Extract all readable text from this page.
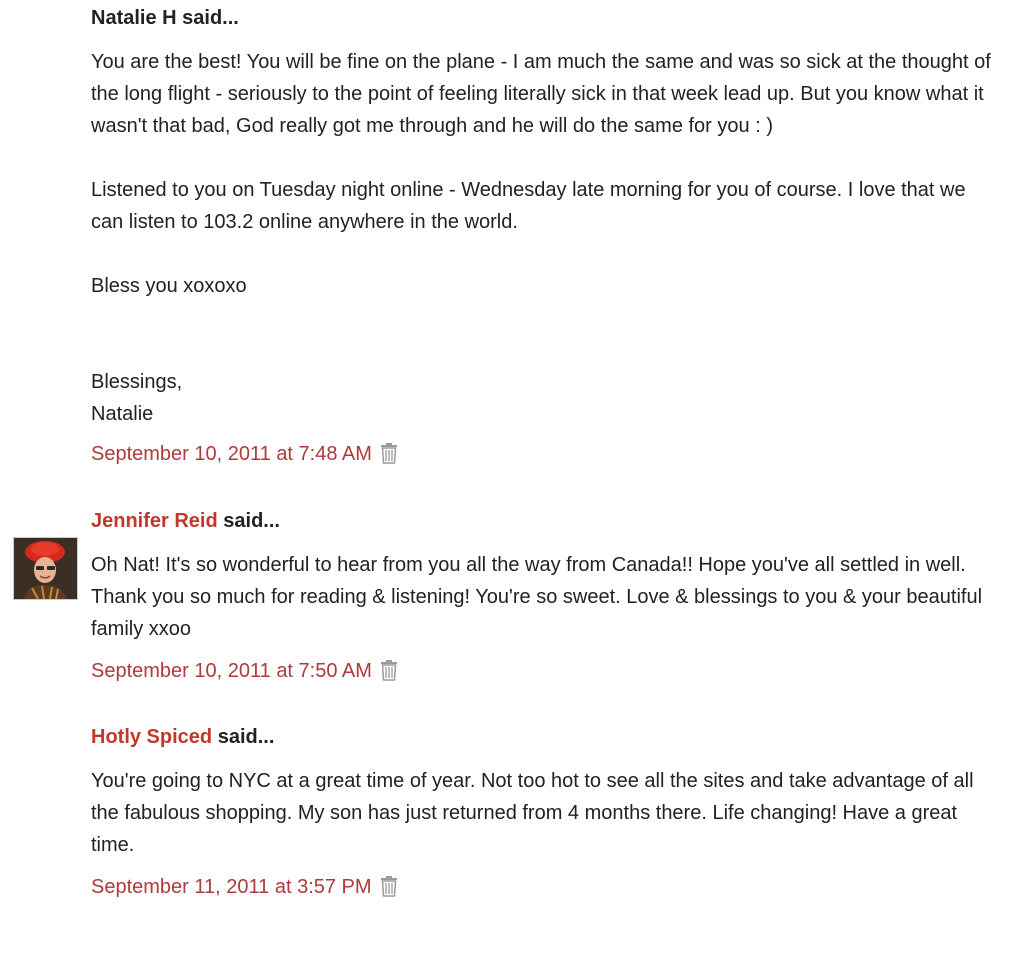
Natalie H said...

You are the best! You will be fine on the plane - I am much the same and was so sick at the thought of the long flight - seriously to the point of feeling literally sick in that week lead up. But you know what it wasn't that bad, God really got me through and he will do the same for you : )

Listened to you on Tuesday night online - Wednesday late morning for you of course. I love that we can listen to 103.2 online anywhere in the world.

Bless you xoxoxo

Blessings,

Natalie

September 10, 2011 at 7:48 AM
Jennifer Reid said...

Oh Nat! It's so wonderful to hear from you all the way from Canada!! Hope you've all settled in well. Thank you so much for reading & listening! You're so sweet. Love & blessings to you & your beautiful family xxoo

September 10, 2011 at 7:50 AM
Hotly Spiced said...

You're going to NYC at a great time of year. Not too hot to see all the sites and take advantage of all the fabulous shopping. My son has just returned from 4 months there. Life changing! Have a great time.

September 11, 2011 at 3:57 PM
